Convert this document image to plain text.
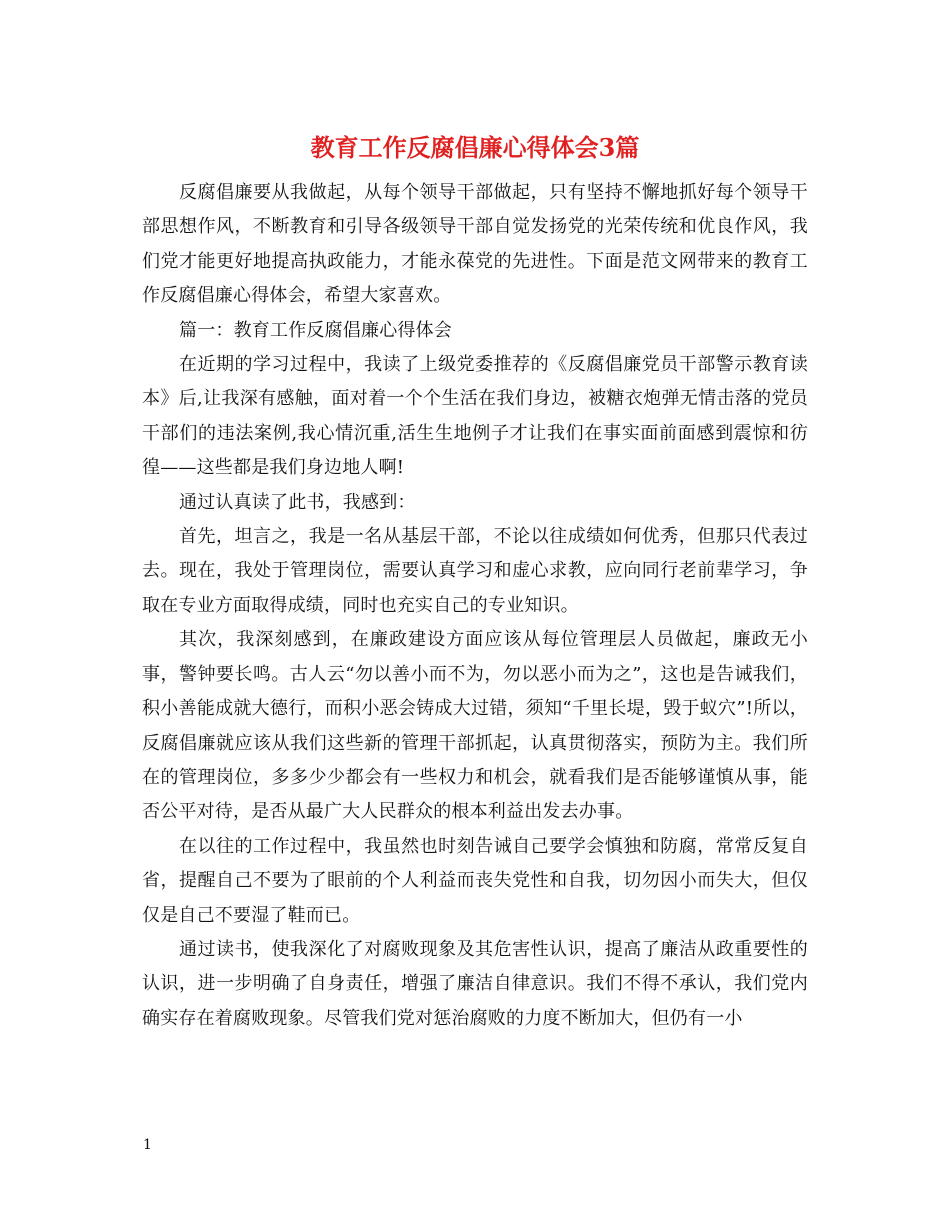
教育工作反腐倡廉心得体会3篇

反腐倡廉要从我做起，从每个领导干部做起，只有坚持不懈地抓好每个领导干部思想作风，不断教育和引导各级领导干部自觉发扬党的光荣传统和优良作风，我们党才能更好地提高执政能力，才能永葆党的先进性。下面是范文网带来的教育工作反腐倡廉心得体会，希望大家喜欢。

篇一：教育工作反腐倡廉心得体会

在近期的学习过程中，我读了上级党委推荐的《反腐倡廉党员干部警示教育读本》后,让我深有感触，面对着一个个生活在我们身边，被糖衣炮弹无情击落的党员干部们的违法案例,我心情沉重,活生生地例子才让我们在事实面前面感到震惊和彷徨——这些都是我们身边地人啊!

通过认真读了此书，我感到：

首先，坦言之，我是一名从基层干部，不论以往成绩如何优秀，但那只代表过去。现在，我处于管理岗位，需要认真学习和虚心求教，应向同行老前辈学习，争取在专业方面取得成绩，同时也充实自己的专业知识。

其次，我深刻感到，在廉政建设方面应该从每位管理层人员做起，廉政无小事，警钟要长鸣。古人云“勿以善小而不为，勿以恶小而为之”，这也是告诫我们，积小善能成就大德行，而积小恶会铸成大过错，须知“千里长堤，毁于蚁穴”!所以，反腐倡廉就应该从我们这些新的管理干部抓起，认真贯彻落实，预防为主。我们所在的管理岗位，多多少少都会有一些权力和机会，就看我们是否能够谨慎从事，能否公平对待，是否从最广大人民群众的根本利益出发去办事。

在以往的工作过程中，我虽然也时刻告诫自己要学会慎独和防腐，常常反复自省，提醒自己不要为了眼前的个人利益而丧失党性和自我，切勿因小而失大，但仅仅是自己不要湿了鞋而已。

通过读书，使我深化了对腐败现象及其危害性认识，提高了廉洁从政重要性的认识，进一步明确了自身责任，增强了廉洁自律意识。我们不得不承认，我们党内确实存在着腐败现象。尽管我们党对惩治腐败的力度不断加大，但仍有一小

1
